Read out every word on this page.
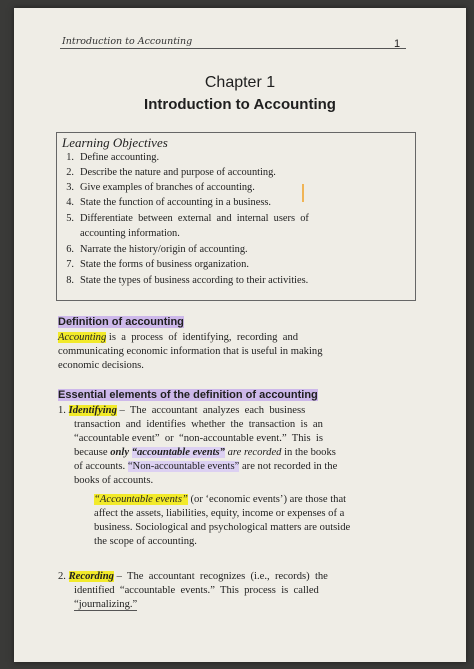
Introduction to Accounting	1
Chapter 1
Introduction to Accounting
Learning Objectives
1. Define accounting.
2. Describe the nature and purpose of accounting.
3. Give examples of branches of accounting.
4. State the function of accounting in a business.
5. Differentiate  between  external  and  internal  users  of
accounting information.
6. Narrate the history/origin of accounting.
7. State the forms of business organization.
8. State the types of business according to their activities.
Definition of accounting
Accounting is  a  process  of  identifying,  recording  and
communicating economic information that is useful in making
economic decisions.
Essential elements of the definition of accounting
1. Identifying –  The  accountant  analyzes  each  business
transaction  and  identifies  whether  the  transaction  is  an
“accountable event”  or  “non-accountable event.”  This  is
because only “accountable events” are recorded in the books
of accounts. “Non-accountable events” are not recorded in the
books of accounts.
“Accountable events” (or ‘economic events’) are those that
affect the assets, liabilities, equity, income or expenses of a
business. Sociological and psychological matters are outside
the scope of accounting.
2. Recording –  The  accountant  recognizes  (i.e.,  records)  the
identified  “accountable  events.”  This  process  is  called
“journalizing.”
